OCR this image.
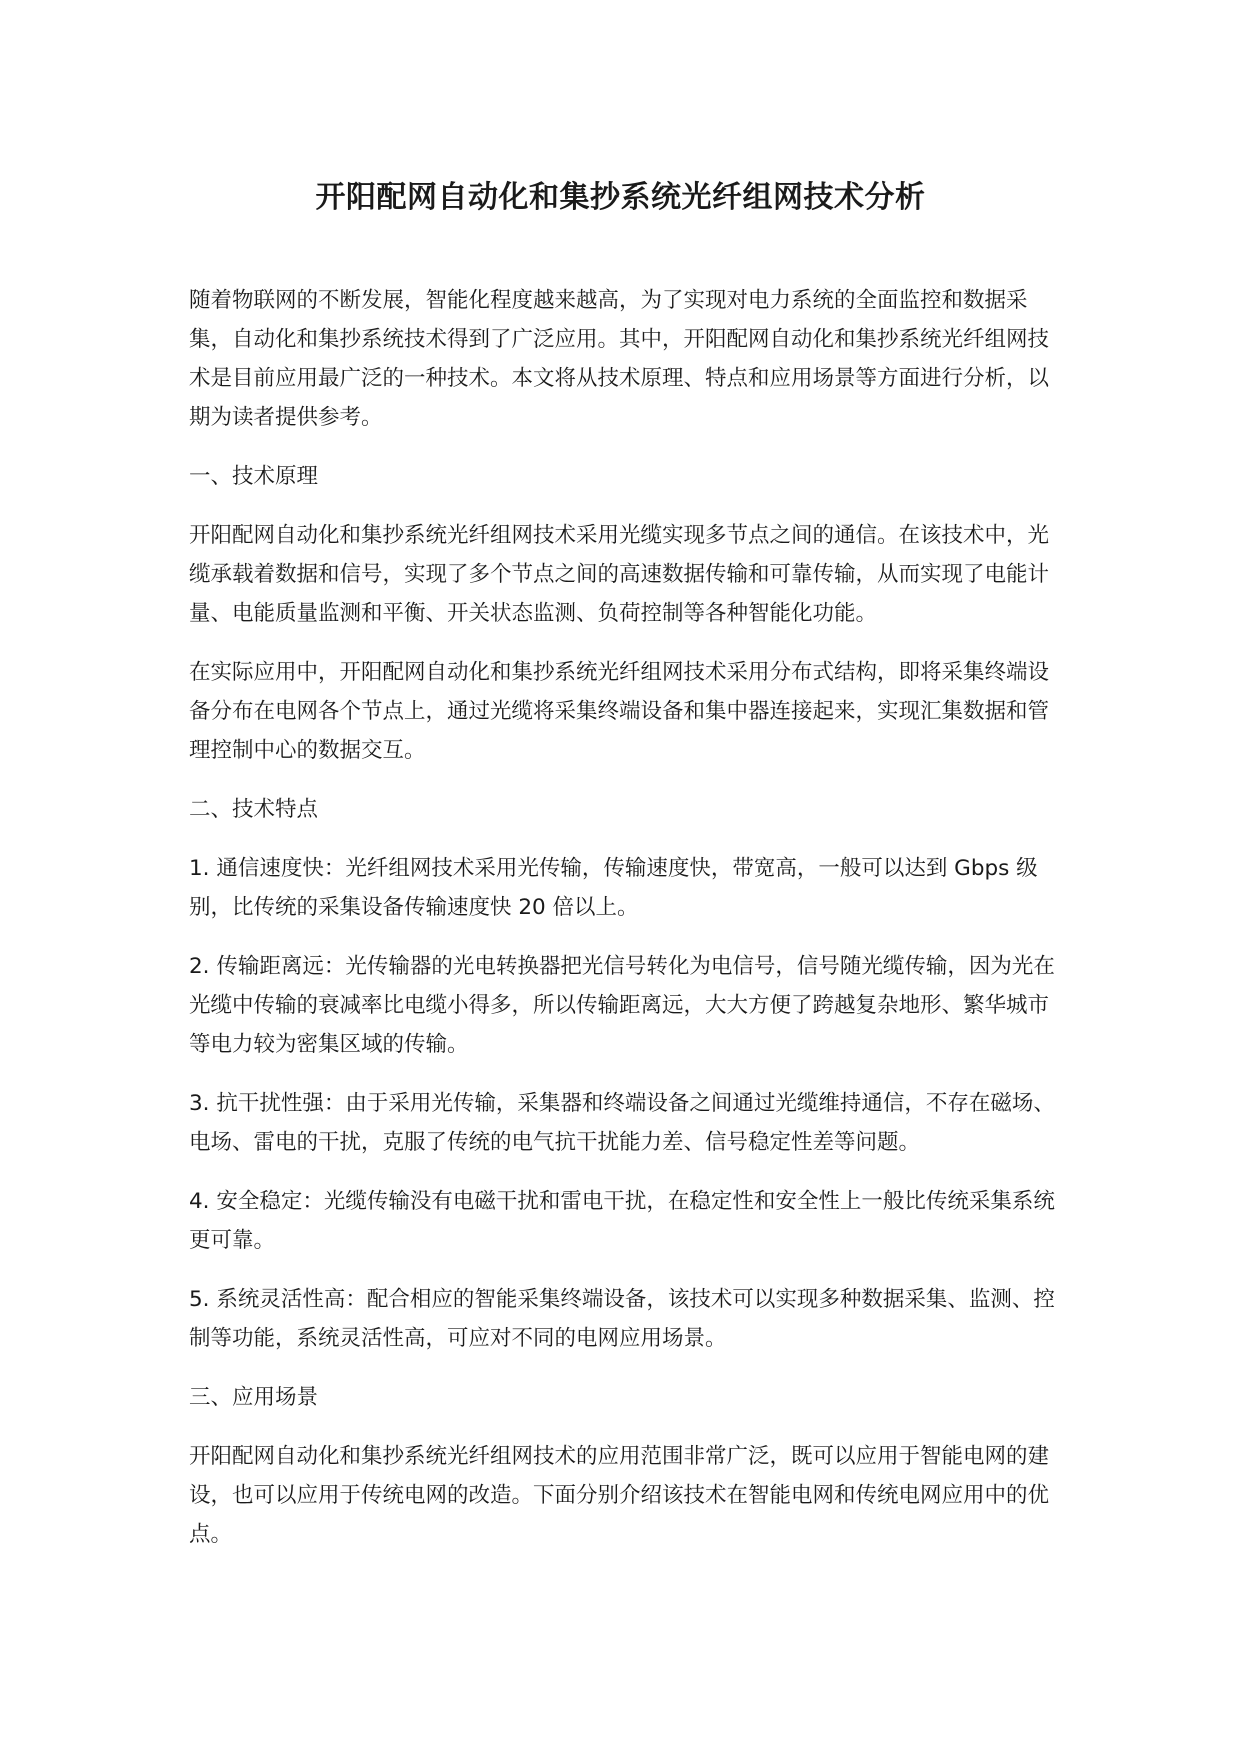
开阳配网自动化和集抄系统光纤组网技术分析

随着物联网的不断发展，智能化程度越来越高，为了实现对电力系统的全面监控和数据采集，自动化和集抄系统技术得到了广泛应用。其中，开阳配网自动化和集抄系统光纤组网技术是目前应用最广泛的一种技术。本文将从技术原理、特点和应用场景等方面进行分析，以期为读者提供参考。

一、技术原理

开阳配网自动化和集抄系统光纤组网技术采用光缆实现多节点之间的通信。在该技术中，光缆承载着数据和信号，实现了多个节点之间的高速数据传输和可靠传输，从而实现了电能计量、电能质量监测和平衡、开关状态监测、负荷控制等各种智能化功能。

在实际应用中，开阳配网自动化和集抄系统光纤组网技术采用分布式结构，即将采集终端设备分布在电网各个节点上，通过光缆将采集终端设备和集中器连接起来，实现汇集数据和管理控制中心的数据交互。

二、技术特点

1. 通信速度快：光纤组网技术采用光传输，传输速度快，带宽高，一般可以达到 Gbps 级别，比传统的采集设备传输速度快 20 倍以上。

2. 传输距离远：光传输器的光电转换器把光信号转化为电信号，信号随光缆传输，因为光在光缆中传输的衰减率比电缆小得多，所以传输距离远，大大方便了跨越复杂地形、繁华城市等电力较为密集区域的传输。

3. 抗干扰性强：由于采用光传输，采集器和终端设备之间通过光缆维持通信，不存在磁场、电场、雷电的干扰，克服了传统的电气抗干扰能力差、信号稳定性差等问题。

4. 安全稳定：光缆传输没有电磁干扰和雷电干扰，在稳定性和安全性上一般比传统采集系统更可靠。

5. 系统灵活性高：配合相应的智能采集终端设备，该技术可以实现多种数据采集、监测、控制等功能，系统灵活性高，可应对不同的电网应用场景。

三、应用场景

开阳配网自动化和集抄系统光纤组网技术的应用范围非常广泛，既可以应用于智能电网的建设，也可以应用于传统电网的改造。下面分别介绍该技术在智能电网和传统电网应用中的优点。
